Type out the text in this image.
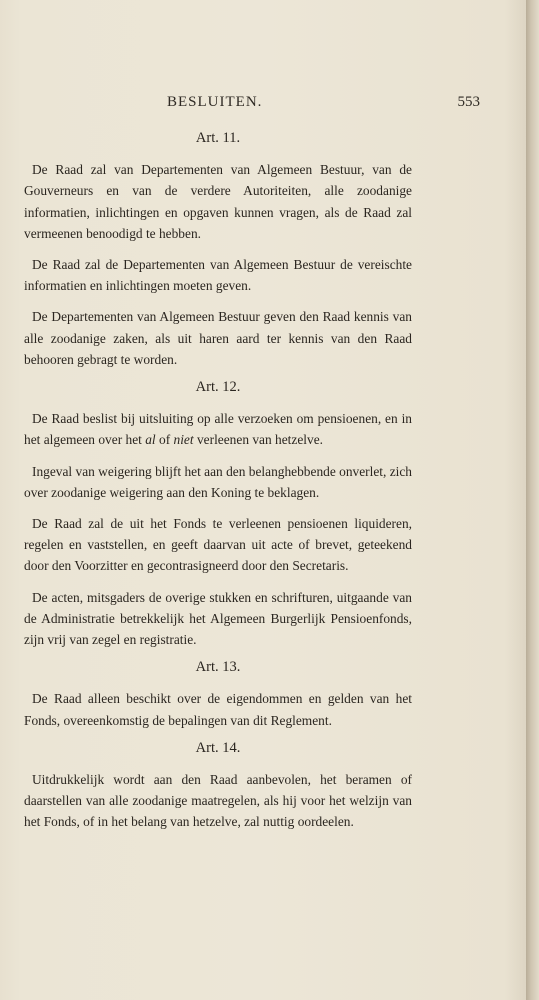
BESLUITEN.	553
Art. 11.

De Raad zal van Departementen van Algemeen Bestuur, van de Gouverneurs en van de verdere Autoriteiten, alle zoodanige informatien, inlichtingen en opgaven kunnen vragen, als de Raad zal vermeenen benoodigd te hebben.

De Raad zal de Departementen van Algemeen Bestuur de vereischte informatien en inlichtingen moeten geven.

De Departementen van Algemeen Bestuur geven den Raad kennis van alle zoodanige zaken, als uit haren aard ter kennis van den Raad behooren gebragt te worden.

Art. 12.

De Raad beslist bij uitsluiting op alle verzoeken om pensioenen, en in het algemeen over het al of niet verleenen van hetzelve.

Ingeval van weigering blijft het aan den belanghebbende onverlet, zich over zoodanige weigering aan den Koning te beklagen.

De Raad zal de uit het Fonds te verleenen pensioenen liquideren, regelen en vaststellen, en geeft daarvan uit acte of brevet, geteekend door den Voorzitter en gecontrasigneerd door den Secretaris.

De acten, mitsgaders de overige stukken en schrifturen, uitgaande van de Administratie betrekkelijk het Algemeen Burgerlijk Pensioenfonds, zijn vrij van zegel en registratie.

Art. 13.

De Raad alleen beschikt over de eigendommen en gelden van het Fonds, overeenkomstig de bepalingen van dit Reglement.

Art. 14.

Uitdrukkelijk wordt aan den Raad aanbevolen, het beramen of daarstellen van alle zoodanige maatregelen, als hij voor het welzijn van het Fonds, of in het belang van hetzelve, zal nuttig oordeelen.
